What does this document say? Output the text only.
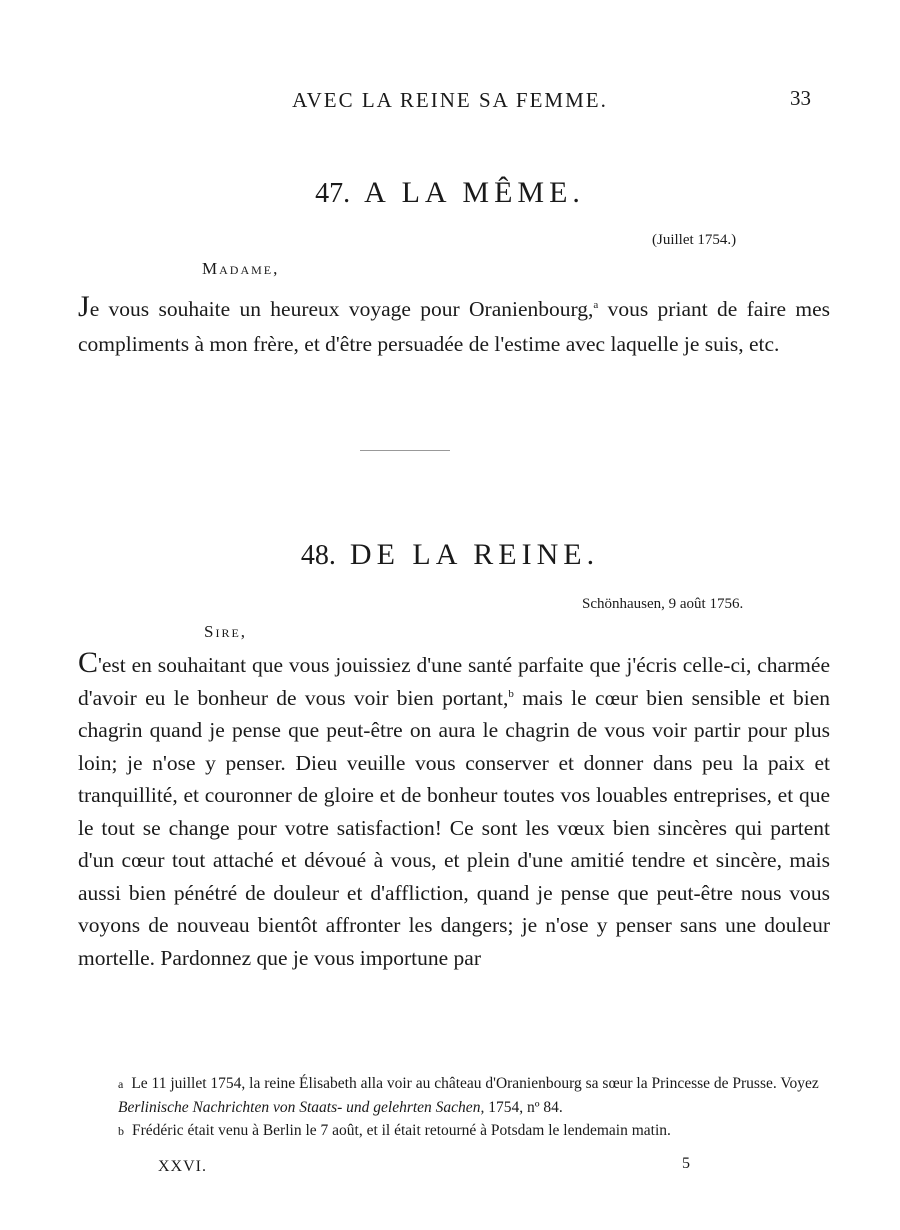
AVEC LA REINE SA FEMME.	33
47. A LA MÊME.
(Juillet 1754.)
Madame,

Je vous souhaite un heureux voyage pour Oranienbourg,$^a$ vous priant de faire mes compliments à mon frère, et d'être persuadée de l'estime avec laquelle je suis, etc.

48. DE LA REINE.
Schönhausen, 9 août 1756.
Sire,

C'est en souhaitant que vous jouissiez d'une santé parfaite que j'écris celle-ci, charmée d'avoir eu le bonheur de vous voir bien portant,$^b$ mais le cœur bien sensible et bien chagrin quand je pense que peut-être on aura le chagrin de vous voir partir pour plus loin; je n'ose y penser. Dieu veuille vous conserver et donner dans peu la paix et tranquillité, et couronner de gloire et de bonheur toutes vos louables entreprises, et que le tout se change pour votre satisfaction! Ce sont les vœux bien sincères qui partent d'un cœur tout attaché et dévoué à vous, et plein d'une amitié tendre et sincère, mais aussi bien pénétré de douleur et d'affliction, quand je pense que peut-être nous vous voyons de nouveau bientôt affronter les dangers; je n'ose y penser sans une douleur mortelle. Pardonnez que je vous importune par

a Le 11 juillet 1754, la reine Élisabeth alla voir au château d'Oranienbourg sa sœur la Princesse de Prusse. Voyez Berlinische Nachrichten von Staats- und gelehrten Sachen, 1754, nº 84.

b Frédéric était venu à Berlin le 7 août, et il était retourné à Potsdam le lendemain matin.

XXVI.	5
